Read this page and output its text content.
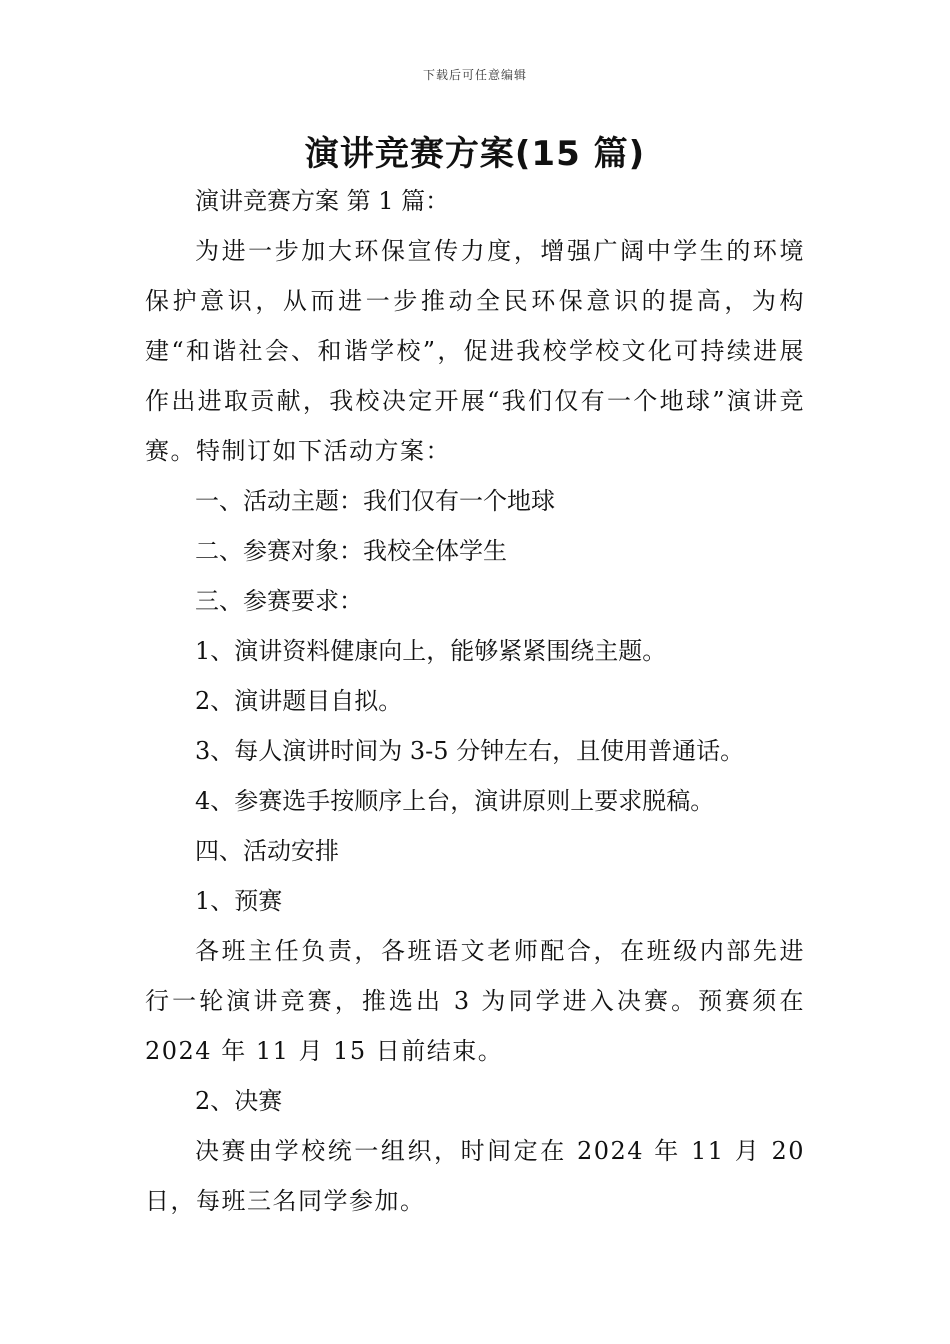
下载后可任意编辑
演讲竞赛方案(15 篇)

演讲竞赛方案 第 1 篇：

为进一步加大环保宣传力度，增强广阔中学生的环境保护意识，从而进一步推动全民环保意识的提高，为构建“和谐社会、和谐学校”，促进我校学校文化可持续进展作出进取贡献，我校决定开展“我们仅有一个地球”演讲竞赛。特制订如下活动方案：

一、活动主题：我们仅有一个地球

二、参赛对象：我校全体学生

三、参赛要求：

1、演讲资料健康向上，能够紧紧围绕主题。

2、演讲题目自拟。

3、每人演讲时间为 3-5 分钟左右，且使用普通话。

4、参赛选手按顺序上台，演讲原则上要求脱稿。

四、活动安排

1、预赛

各班主任负责，各班语文老师配合，在班级内部先进行一轮演讲竞赛，推选出 3 为同学进入决赛。预赛须在 2024 年 11 月 15 日前结束。

2、决赛

决赛由学校统一组织，时间定在 2024 年 11 月 20 日，每班三名同学参加。
